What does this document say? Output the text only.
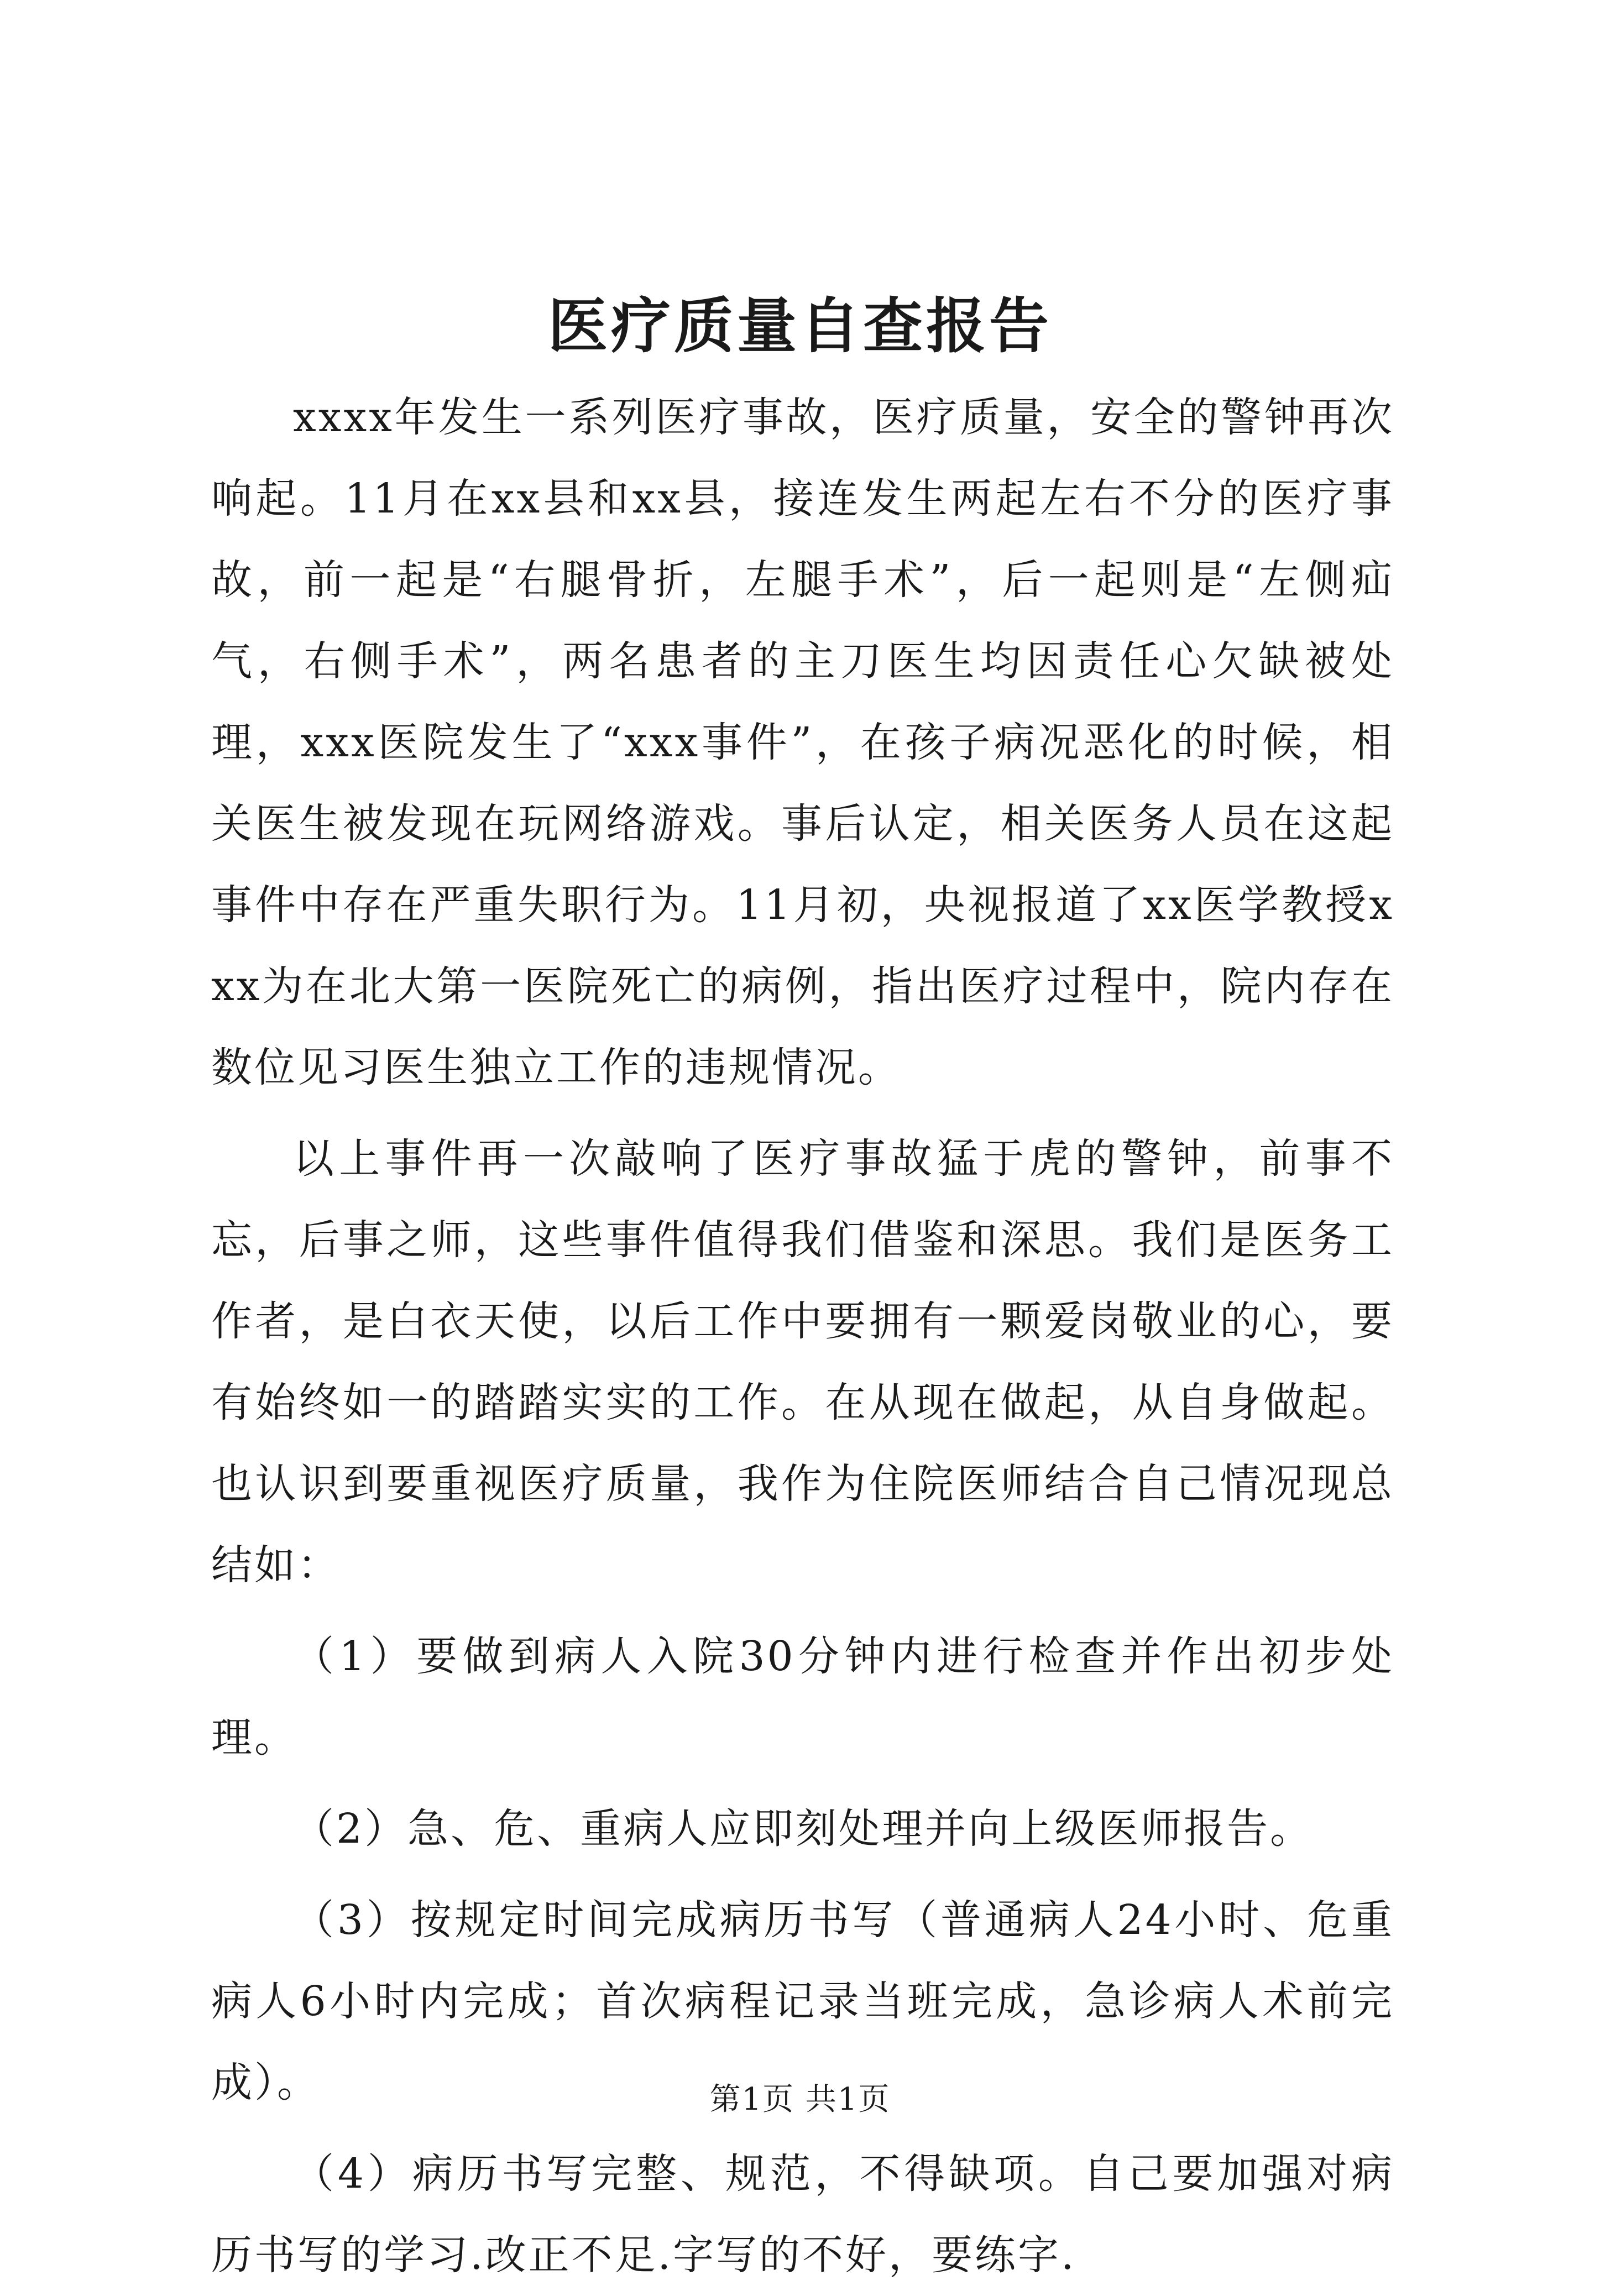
医疗质量自查报告

xxxx年发生一系列医疗事故，医疗质量，安全的警钟再次响起。11月在xx县和xx县，接连发生两起左右不分的医疗事故，前一起是“右腿骨折，左腿手术”，后一起则是“左侧疝气，右侧手术”，两名患者的主刀医生均因责任心欠缺被处理，xxx医院发生了“xxx事件”，在孩子病况恶化的时候，相关医生被发现在玩网络游戏。事后认定，相关医务人员在这起事件中存在严重失职行为。11月初，央视报道了xx医学教授xxx为在北大第一医院死亡的病例，指出医疗过程中，院内存在数位见习医生独立工作的违规情况。

以上事件再一次敲响了医疗事故猛于虎的警钟，前事不忘，后事之师，这些事件值得我们借鉴和深思。我们是医务工作者，是白衣天使，以后工作中要拥有一颗爱岗敬业的心，要有始终如一的踏踏实实的工作。在从现在做起，从自身做起。也认识到要重视医疗质量，我作为住院医师结合自己情况现总结如：

（1）要做到病人入院30分钟内进行检查并作出初步处理。

（2）急、危、重病人应即刻处理并向上级医师报告。

（3）按规定时间完成病历书写（普通病人24小时、危重病人6小时内完成；首次病程记录当班完成，急诊病人术前完成）。

（4）病历书写完整、规范，不得缺项。自己要加强对病历书写的学习.改正不足.字写的不好，要练字.

第1页 共1页
